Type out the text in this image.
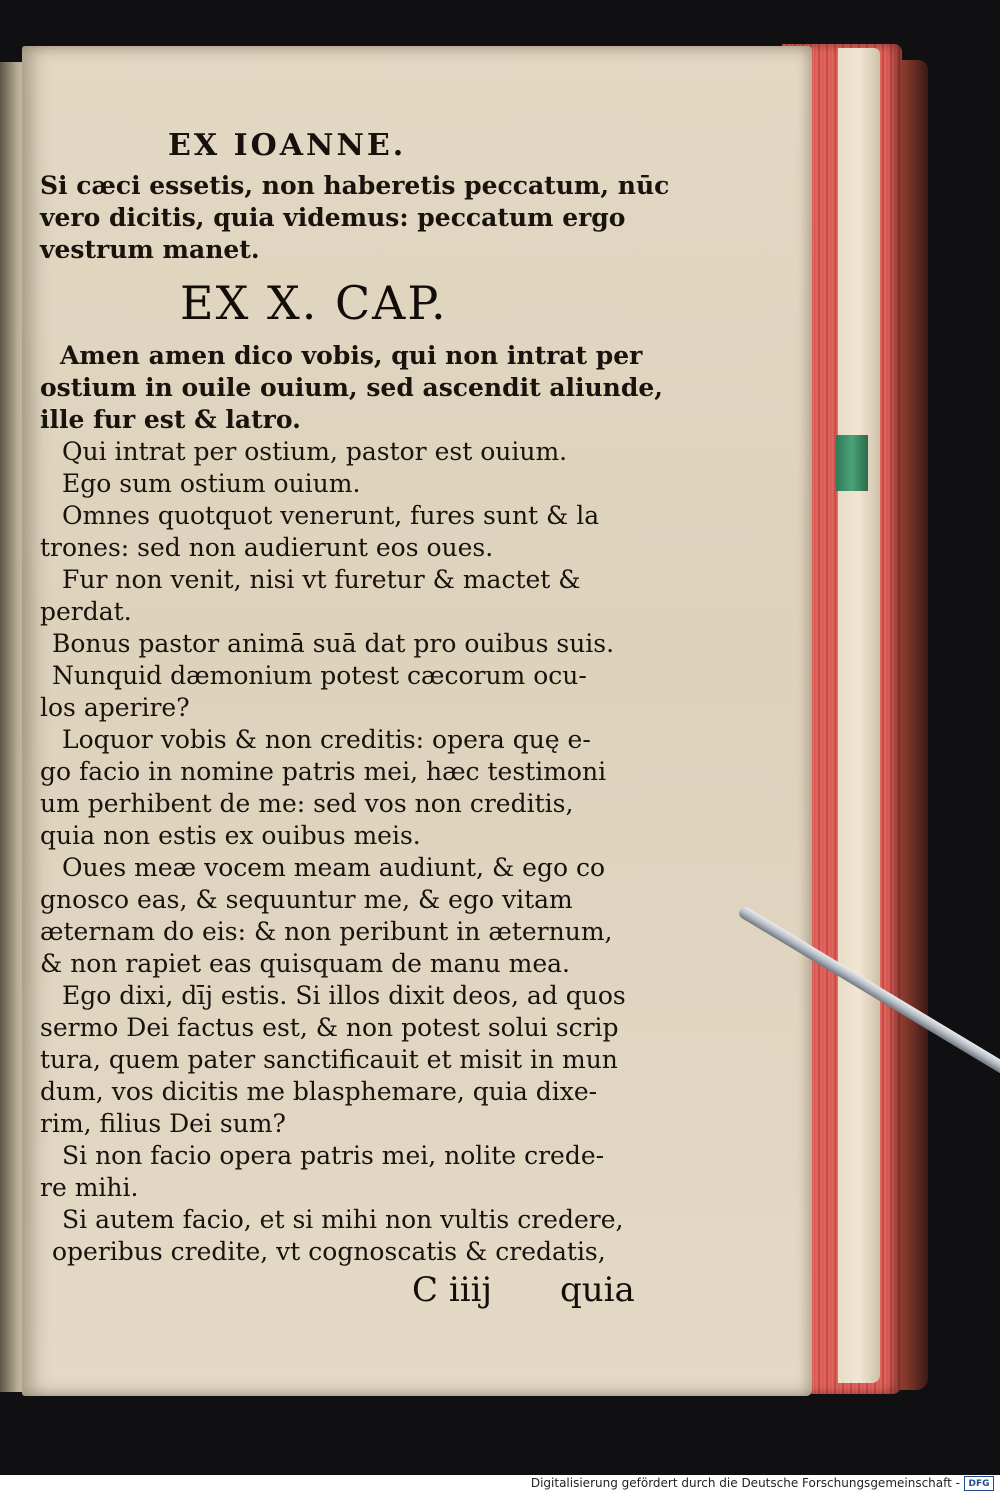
EX IOANNE.
Si cæci essetis, non haberetis peccatum, nūc
vero dicitis, quia videmus: peccatum ergo
vestrum manet.
EX X. CAP.
Amen amen dico vobis, qui non intrat per
ostium in ouile ouium, sed ascendit aliunde,
ille fur est & latro.
Qui intrat per ostium, pastor est ouium.
Ego sum ostium ouium.
Omnes quotquot venerunt, fures sunt & la
trones: sed non audierunt eos oues.
Fur non venit, nisi vt furetur & mactet &
perdat.
Bonus pastor animā suā dat pro ouibus suis.
Nunquid dæmonium potest cæcorum ocu-
los aperire?
Loquor vobis & non creditis: opera quę e-
go facio in nomine patris mei, hæc testimoni
um perhibent de me: sed vos non creditis,
quia non estis ex ouibus meis.
Oues meæ vocem meam audiunt, & ego co
gnosco eas, & sequuntur me, & ego vitam
æternam do eis: & non peribunt in æternum,
& non rapiet eas quisquam de manu mea.
Ego dixi, dīj estis. Si illos dixit deos, ad quos
sermo Dei factus est, & non potest solui scrip
tura, quem pater sanctificauit et misit in mun
dum, vos dicitis me blasphemare, quia dixe-
rim, filius Dei sum?
Si non facio opera patris mei, nolite crede-
re mihi.
Si autem facio, et si mihi non vultis credere,
operibus credite, vt cognoscatis & credatis,
C iiij quia
Digitalisierung gefördert durch die Deutsche Forschungsgemeinschaft - DFG
